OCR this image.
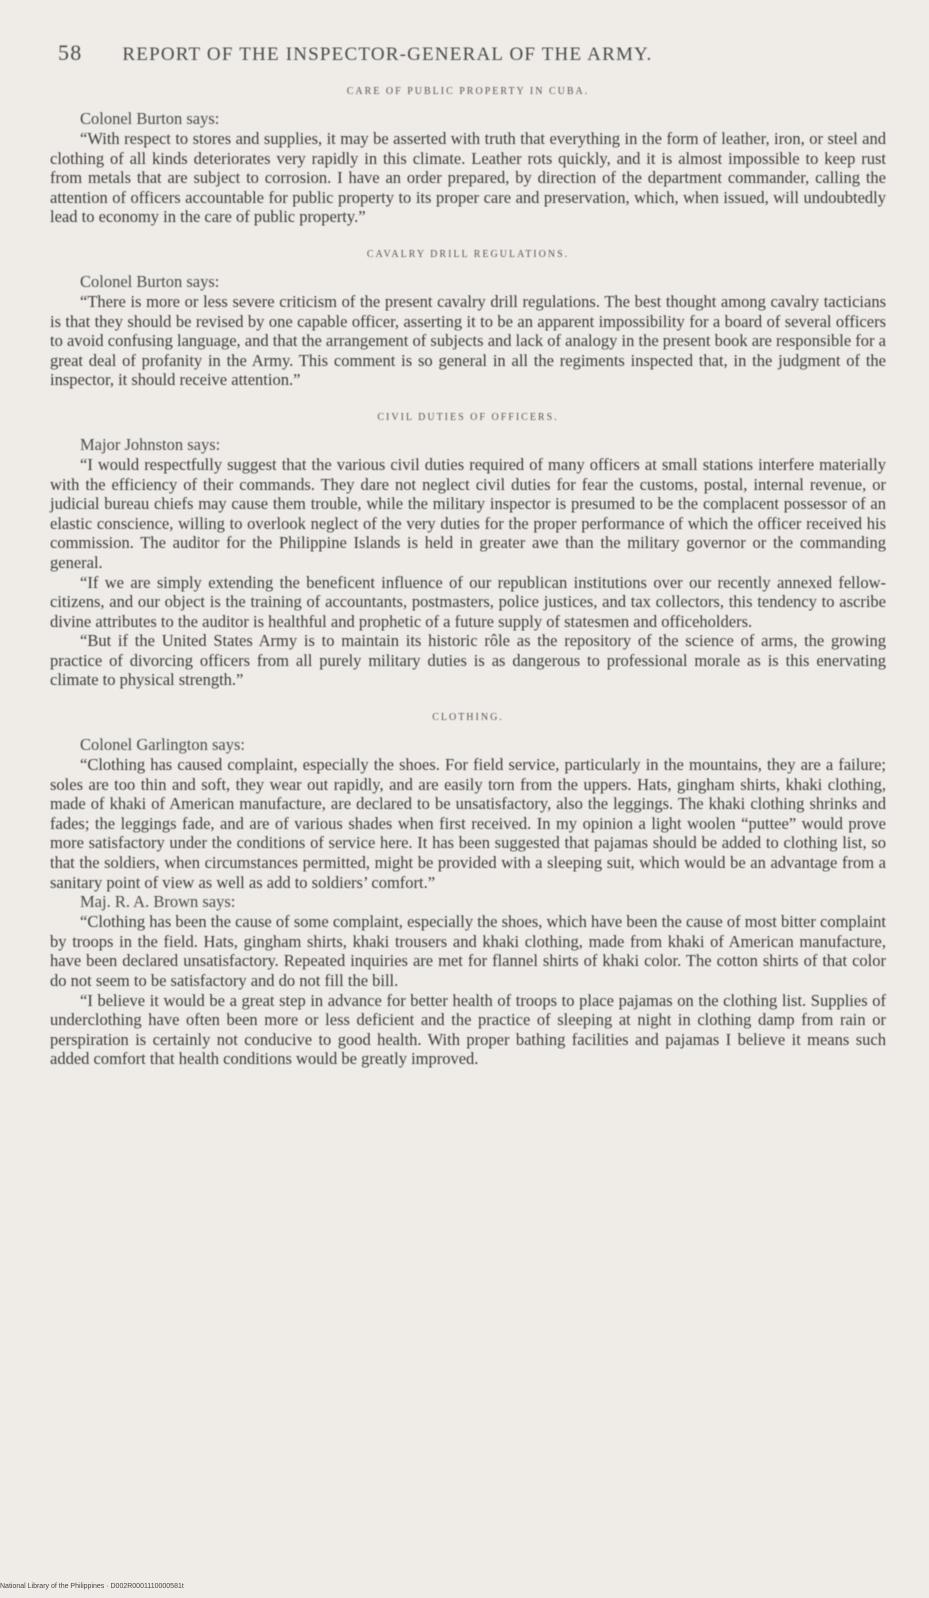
58 REPORT OF THE INSPECTOR-GENERAL OF THE ARMY.
CARE OF PUBLIC PROPERTY IN CUBA.
Colonel Burton says:

“With respect to stores and supplies, it may be asserted with truth that everything in the form of leather, iron, or steel and clothing of all kinds deteriorates very rapidly in this climate. Leather rots quickly, and it is almost impossible to keep rust from metals that are subject to corrosion. I have an order prepared, by direction of the department commander, calling the attention of officers accountable for public property to its proper care and preservation, which, when issued, will undoubtedly lead to economy in the care of public property.”

CAVALRY DRILL REGULATIONS.
Colonel Burton says:

“There is more or less severe criticism of the present cavalry drill regulations. The best thought among cavalry tacticians is that they should be revised by one capable officer, asserting it to be an apparent impossibility for a board of several officers to avoid confusing language, and that the arrangement of subjects and lack of analogy in the present book are responsible for a great deal of profanity in the Army. This comment is so general in all the regiments inspected that, in the judgment of the inspector, it should receive attention.”

CIVIL DUTIES OF OFFICERS.
Major Johnston says:

“I would respectfully suggest that the various civil duties required of many officers at small stations interfere materially with the efficiency of their commands. They dare not neglect civil duties for fear the customs, postal, internal revenue, or judicial bureau chiefs may cause them trouble, while the military inspector is presumed to be the complacent possessor of an elastic conscience, willing to overlook neglect of the very duties for the proper performance of which the officer received his commission. The auditor for the Philippine Islands is held in greater awe than the military governor or the commanding general.

“If we are simply extending the beneficent influence of our republican institutions over our recently annexed fellow-citizens, and our object is the training of accountants, postmasters, police justices, and tax collectors, this tendency to ascribe divine attributes to the auditor is healthful and prophetic of a future supply of statesmen and officeholders.

“But if the United States Army is to maintain its historic rôle as the repository of the science of arms, the growing practice of divorcing officers from all purely military duties is as dangerous to professional morale as is this enervating climate to physical strength.”

CLOTHING.
Colonel Garlington says:

“Clothing has caused complaint, especially the shoes. For field service, particularly in the mountains, they are a failure; soles are too thin and soft, they wear out rapidly, and are easily torn from the uppers. Hats, gingham shirts, khaki clothing, made of khaki of American manufacture, are declared to be unsatisfactory, also the leggings. The khaki clothing shrinks and fades; the leggings fade, and are of various shades when first received. In my opinion a light woolen “puttee” would prove more satisfactory under the conditions of service here. It has been suggested that pajamas should be added to clothing list, so that the soldiers, when circumstances permitted, might be provided with a sleeping suit, which would be an advantage from a sanitary point of view as well as add to soldiers’ comfort.”

Maj. R. A. Brown says:

“Clothing has been the cause of some complaint, especially the shoes, which have been the cause of most bitter complaint by troops in the field. Hats, gingham shirts, khaki trousers and khaki clothing, made from khaki of American manufacture, have been declared unsatisfactory. Repeated inquiries are met for flannel shirts of khaki color. The cotton shirts of that color do not seem to be satisfactory and do not fill the bill.

“I believe it would be a great step in advance for better health of troops to place pajamas on the clothing list. Supplies of underclothing have often been more or less deficient and the practice of sleeping at night in clothing damp from rain or perspiration is certainly not conducive to good health. With proper bathing facilities and pajamas I believe it means such added comfort that health conditions would be greatly improved.

National Library of the Philippines · D002R0001110000581t
